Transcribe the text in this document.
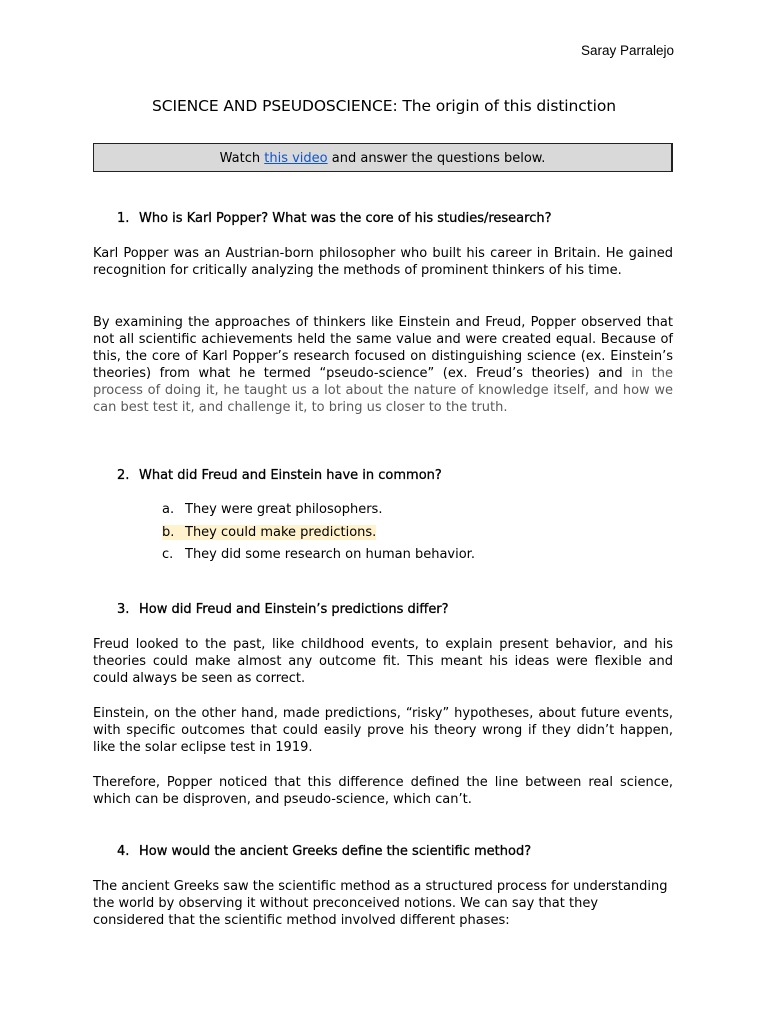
Saray Parralejo
SCIENCE AND PSEUDOSCIENCE: The origin of this distinction
Watch this video and answer the questions below.
1. Who is Karl Popper? What was the core of his studies/research?

Karl Popper was an Austrian-born philosopher who built his career in Britain. He gained recognition for critically analyzing the methods of prominent thinkers of his time.

By examining the approaches of thinkers like Einstein and Freud, Popper observed that not all scientific achievements held the same value and were created equal. Because of this, the core of Karl Popper’s research focused on distinguishing science (ex. Einstein’s theories) from what he termed “pseudo-science” (ex. Freud’s theories) and in the process of doing it, he taught us a lot about the nature of knowledge itself, and how we can best test it, and challenge it, to bring us closer to the truth.

2. What did Freud and Einstein have in common?
a. They were great philosophers.
b. They could make predictions.
c. They did some research on human behavior.
3. How did Freud and Einstein’s predictions differ?

Freud looked to the past, like childhood events, to explain present behavior, and his theories could make almost any outcome fit. This meant his ideas were flexible and could always be seen as correct.

Einstein, on the other hand, made predictions, “risky” hypotheses, about future events, with specific outcomes that could easily prove his theory wrong if they didn’t happen, like the solar eclipse test in 1919.

Therefore, Popper noticed that this difference defined the line between real science, which can be disproven, and pseudo-science, which can’t.

4. How would the ancient Greeks define the scientific method?

The ancient Greeks saw the scientific method as a structured process for understanding the world by observing it without preconceived notions. We can say that they considered that the scientific method involved different phases:
